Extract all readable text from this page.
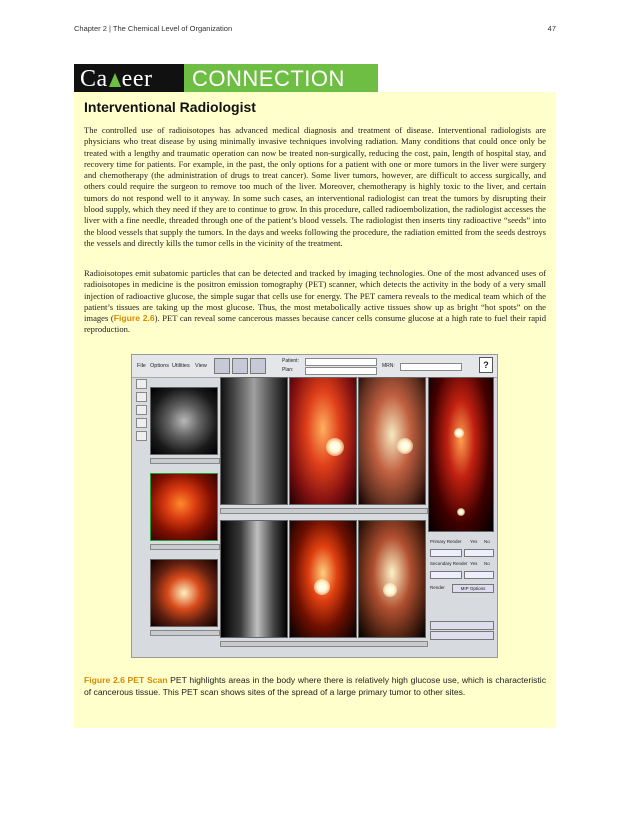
Chapter 2 | The Chemical Level of Organization	47
Ca eer	CONNECTION
Interventional Radiologist

The controlled use of radioisotopes has advanced medical diagnosis and treatment of disease. Interventional radiologists are physicians who treat disease by using minimally invasive techniques involving radiation. Many conditions that could once only be treated with a lengthy and traumatic operation can now be treated non-surgically, reducing the cost, pain, length of hospital stay, and recovery time for patients. For example, in the past, the only options for a patient with one or more tumors in the liver were surgery and chemotherapy (the administration of drugs to treat cancer). Some liver tumors, however, are difficult to access surgically, and others could require the surgeon to remove too much of the liver. Moreover, chemotherapy is highly toxic to the liver, and certain tumors do not respond well to it anyway. In some such cases, an interventional radiologist can treat the tumors by disrupting their blood supply, which they need if they are to continue to grow. In this procedure, called radioembolization, the radiologist accesses the liver with a fine needle, threaded through one of the patient’s blood vessels. The radiologist then inserts tiny radioactive “seeds” into the blood vessels that supply the tumors. In the days and weeks following the procedure, the radiation emitted from the seeds destroys the vessels and directly kills the tumor cells in the vicinity of the treatment.

Radioisotopes emit subatomic particles that can be detected and tracked by imaging technologies. One of the most advanced uses of radioisotopes in medicine is the positron emission tomography (PET) scanner, which detects the activity in the body of a very small injection of radioactive glucose, the simple sugar that cells use for energy. The PET camera reveals to the medical team which of the patient’s tissues are taking up the most glucose. Thus, the most metabolically active tissues show up as bright “hot spots” on the images (Figure 2.6). PET can reveal some cancerous masses because cancer cells consume glucose at a high rate to fuel their rapid reproduction.

File Options Utilities View
Patient:
Plan:
MRN:	?
Primary Render Yes No
Secondary Render Yes No
Render	MIP Options

Figure 2.6 PET Scan PET highlights areas in the body where there is relatively high glucose use, which is characteristic of cancerous tissue. This PET scan shows sites of the spread of a large primary tumor to other sites.
